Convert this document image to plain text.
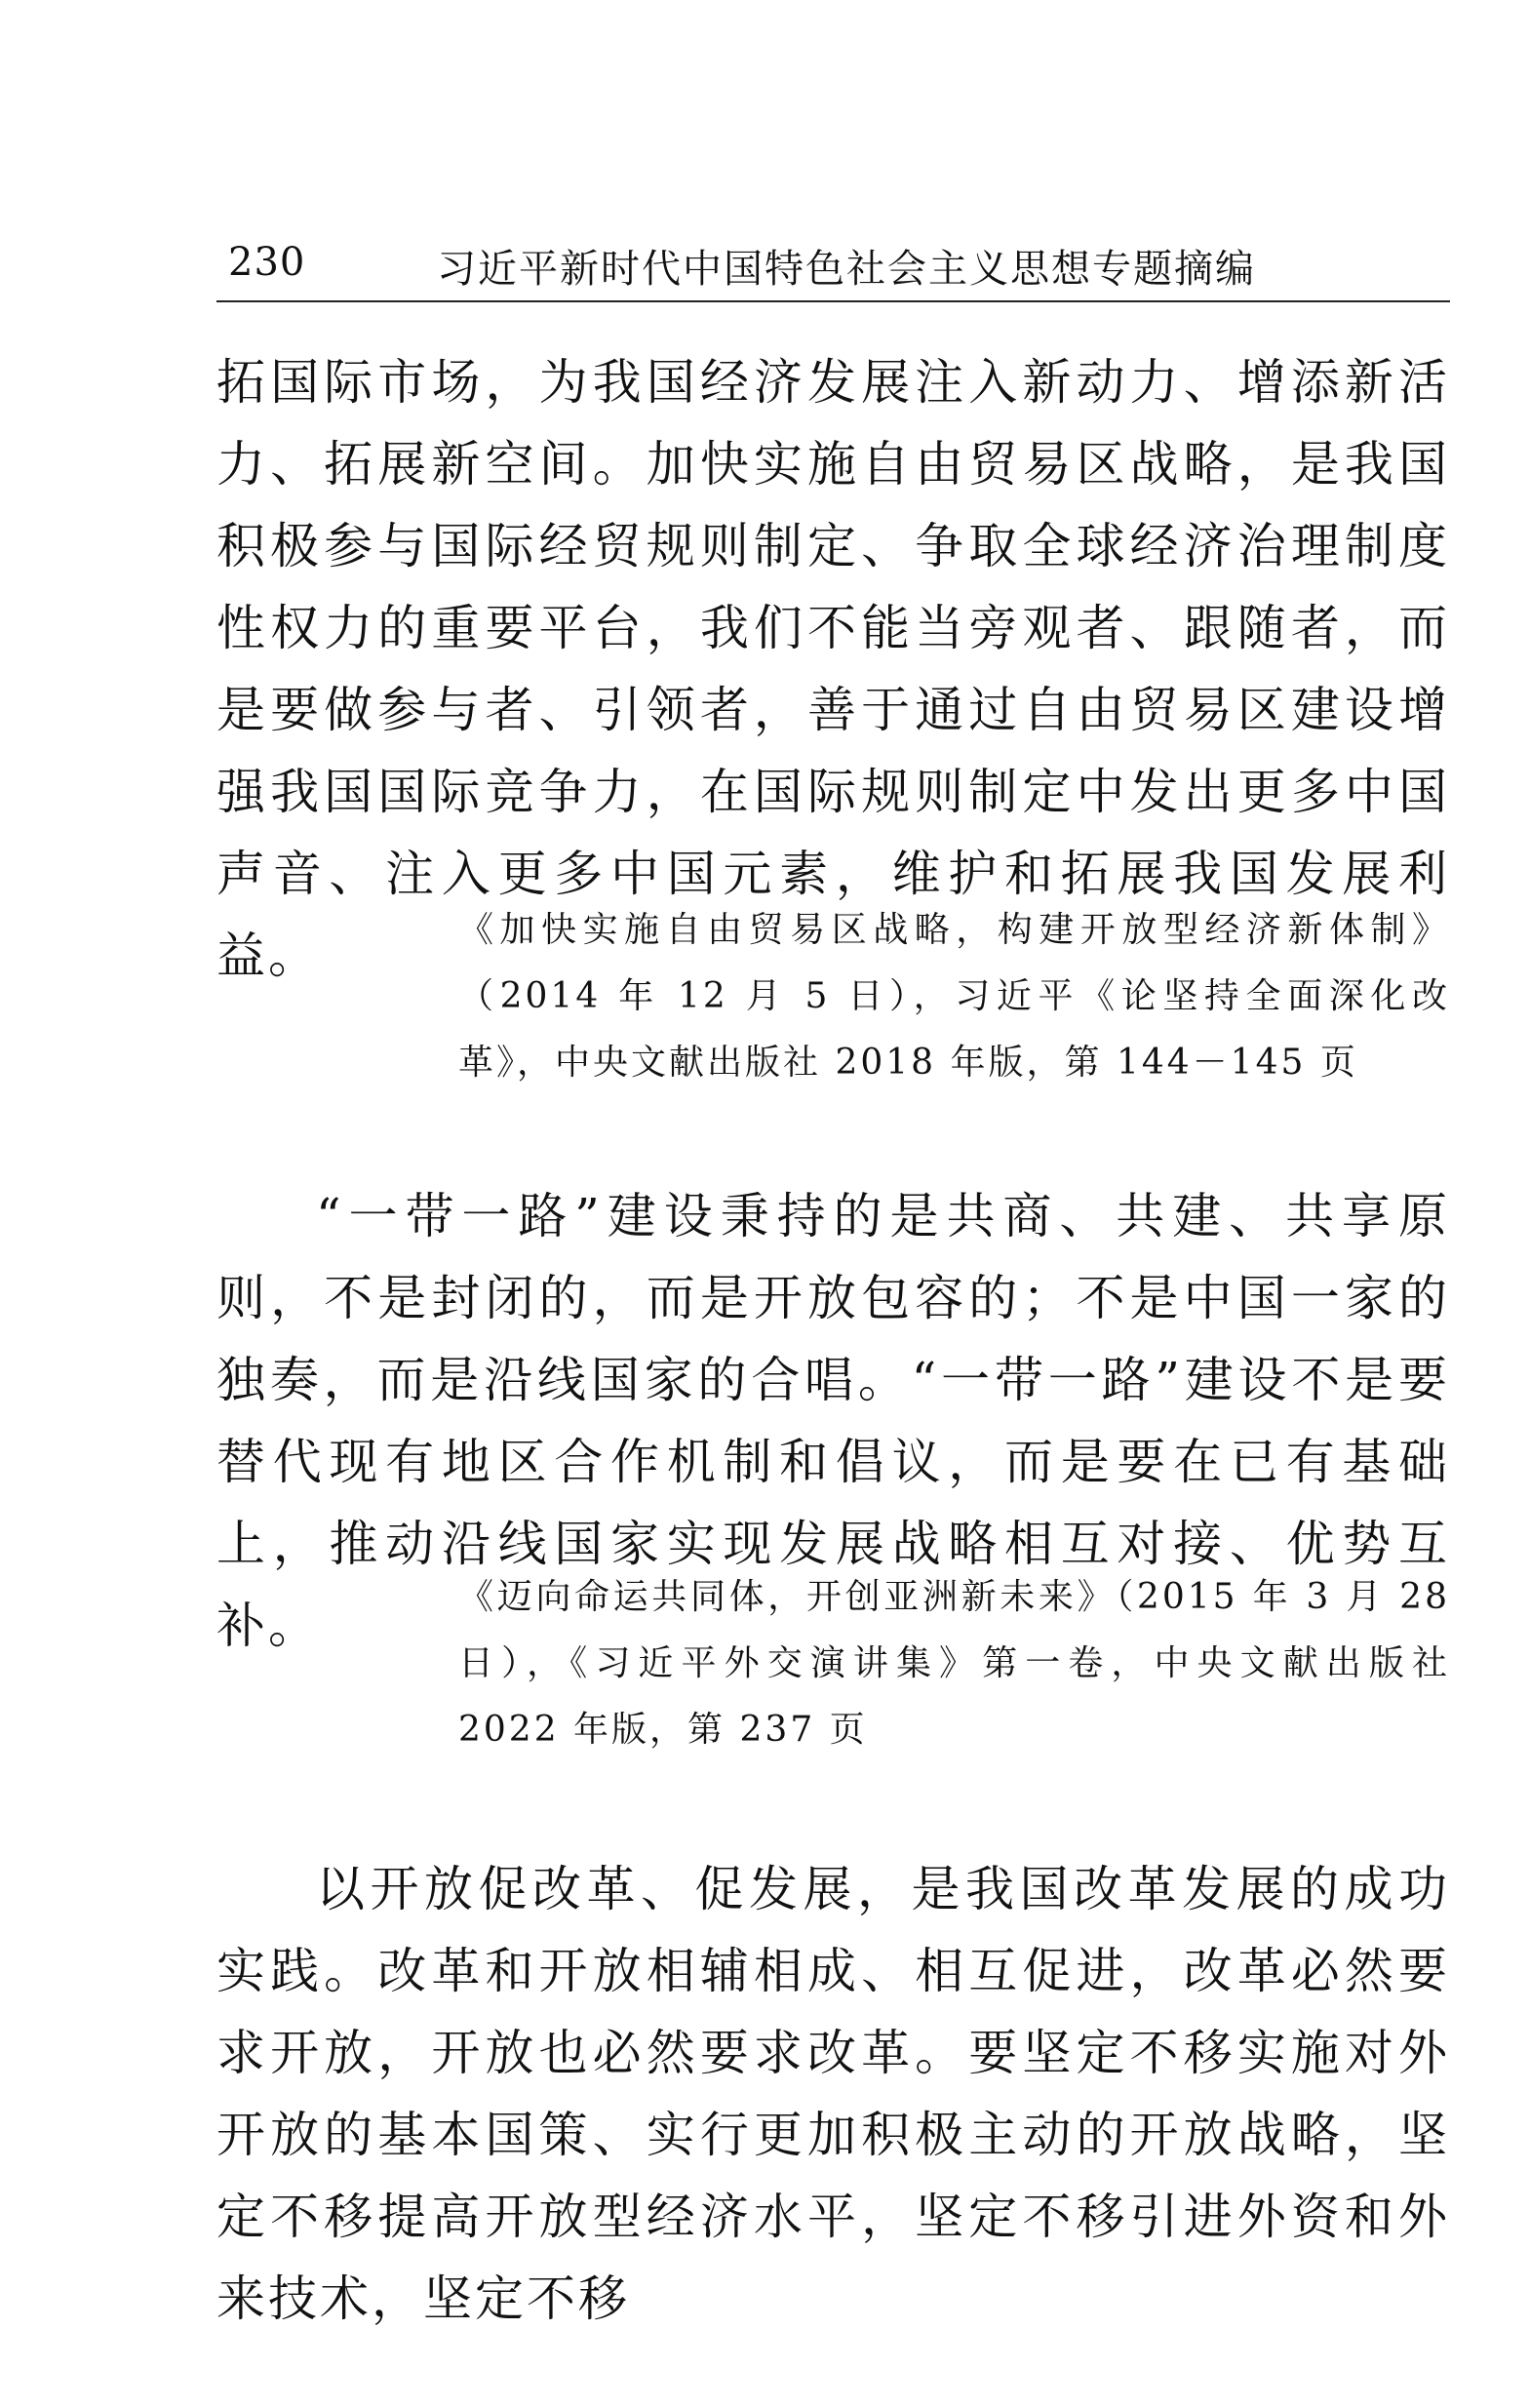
230	习近平新时代中国特色社会主义思想专题摘编

拓国际市场，为我国经济发展注入新动力、增添新活力、拓展新空间。加快实施自由贸易区战略，是我国积极参与国际经贸规则制定、争取全球经济治理制度性权力的重要平台，我们不能当旁观者、跟随者，而是要做参与者、引领者，善于通过自由贸易区建设增强我国国际竞争力，在国际规则制定中发出更多中国声音、注入更多中国元素，维护和拓展我国发展利益。	《加快实施自由贸易区战略，构建开放型经济新体制》（2014 年 12 月 5 日），习近平《论坚持全面深化改革》，中央文献出版社 2018 年版，第 144－145 页

“一带一路”建设秉持的是共商、共建、共享原则，不是封闭的，而是开放包容的；不是中国一家的独奏，而是沿线国家的合唱。“一带一路”建设不是要替代现有地区合作机制和倡议，而是要在已有基础上，推动沿线国家实现发展战略相互对接、优势互补。

《迈向命运共同体，开创亚洲新未来》（2015 年 3 月 28 日），《习近平外交演讲集》第一卷，中央文献出版社 2022 年版，第 237 页

以开放促改革、促发展，是我国改革发展的成功实践。改革和开放相辅相成、相互促进，改革必然要求开放，开放也必然要求改革。要坚定不移实施对外开放的基本国策、实行更加积极主动的开放战略，坚定不移提高开放型经济水平，坚定不移引进外资和外来技术，坚定不移
